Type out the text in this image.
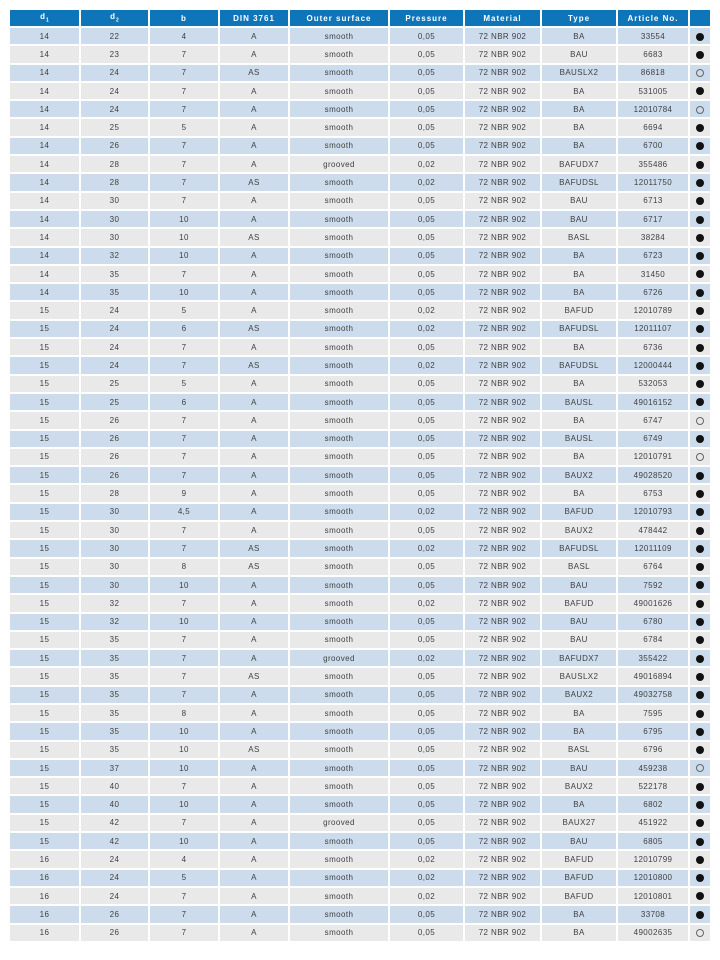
$d_1$	$d_2$	b	DIN 3761	Outer surface	Pressure	Material	Type	Article No.	
14	22	4	A	smooth	0,05	72 NBR 902	BA	33554	
14	23	7	A	smooth	0,05	72 NBR 902	BAU	6683	
14	24	7	AS	smooth	0,05	72 NBR 902	BAUSLX2	86818	
14	24	7	A	smooth	0,05	72 NBR 902	BA	531005	
14	24	7	A	smooth	0,05	72 NBR 902	BA	12010784	
14	25	5	A	smooth	0,05	72 NBR 902	BA	6694	
14	26	7	A	smooth	0,05	72 NBR 902	BA	6700	
14	28	7	A	grooved	0,02	72 NBR 902	BAFUDX7	355486	
14	28	7	AS	smooth	0,02	72 NBR 902	BAFUDSL	12011750	
14	30	7	A	smooth	0,05	72 NBR 902	BAU	6713	
14	30	10	A	smooth	0,05	72 NBR 902	BAU	6717	
14	30	10	AS	smooth	0,05	72 NBR 902	BASL	38284	
14	32	10	A	smooth	0,05	72 NBR 902	BA	6723	
14	35	7	A	smooth	0,05	72 NBR 902	BA	31450	
14	35	10	A	smooth	0,05	72 NBR 902	BA	6726	
15	24	5	A	smooth	0,02	72 NBR 902	BAFUD	12010789	
15	24	6	AS	smooth	0,02	72 NBR 902	BAFUDSL	12011107	
15	24	7	A	smooth	0,05	72 NBR 902	BA	6736	
15	24	7	AS	smooth	0,02	72 NBR 902	BAFUDSL	12000444	
15	25	5	A	smooth	0,05	72 NBR 902	BA	532053	
15	25	6	A	smooth	0,05	72 NBR 902	BAUSL	49016152	
15	26	7	A	smooth	0,05	72 NBR 902	BA	6747	
15	26	7	A	smooth	0,05	72 NBR 902	BAUSL	6749	
15	26	7	A	smooth	0,05	72 NBR 902	BA	12010791	
15	26	7	A	smooth	0,05	72 NBR 902	BAUX2	49028520	
15	28	9	A	smooth	0,05	72 NBR 902	BA	6753	
15	30	4,5	A	smooth	0,02	72 NBR 902	BAFUD	12010793	
15	30	7	A	smooth	0,05	72 NBR 902	BAUX2	478442	
15	30	7	AS	smooth	0,02	72 NBR 902	BAFUDSL	12011109	
15	30	8	AS	smooth	0,05	72 NBR 902	BASL	6764	
15	30	10	A	smooth	0,05	72 NBR 902	BAU	7592	
15	32	7	A	smooth	0,02	72 NBR 902	BAFUD	49001626	
15	32	10	A	smooth	0,05	72 NBR 902	BAU	6780	
15	35	7	A	smooth	0,05	72 NBR 902	BAU	6784	
15	35	7	A	grooved	0,02	72 NBR 902	BAFUDX7	355422	
15	35	7	AS	smooth	0,05	72 NBR 902	BAUSLX2	49016894	
15	35	7	A	smooth	0,05	72 NBR 902	BAUX2	49032758	
15	35	8	A	smooth	0,05	72 NBR 902	BA	7595	
15	35	10	A	smooth	0,05	72 NBR 902	BA	6795	
15	35	10	AS	smooth	0,05	72 NBR 902	BASL	6796	
15	37	10	A	smooth	0,05	72 NBR 902	BAU	459238	
15	40	7	A	smooth	0,05	72 NBR 902	BAUX2	522178	
15	40	10	A	smooth	0,05	72 NBR 902	BA	6802	
15	42	7	A	grooved	0,05	72 NBR 902	BAUX27	451922	
15	42	10	A	smooth	0,05	72 NBR 902	BAU	6805	
16	24	4	A	smooth	0,02	72 NBR 902	BAFUD	12010799	
16	24	5	A	smooth	0,02	72 NBR 902	BAFUD	12010800	
16	24	7	A	smooth	0,02	72 NBR 902	BAFUD	12010801	
16	26	7	A	smooth	0,05	72 NBR 902	BA	33708	
16	26	7	A	smooth	0,05	72 NBR 902	BA	49002635	
